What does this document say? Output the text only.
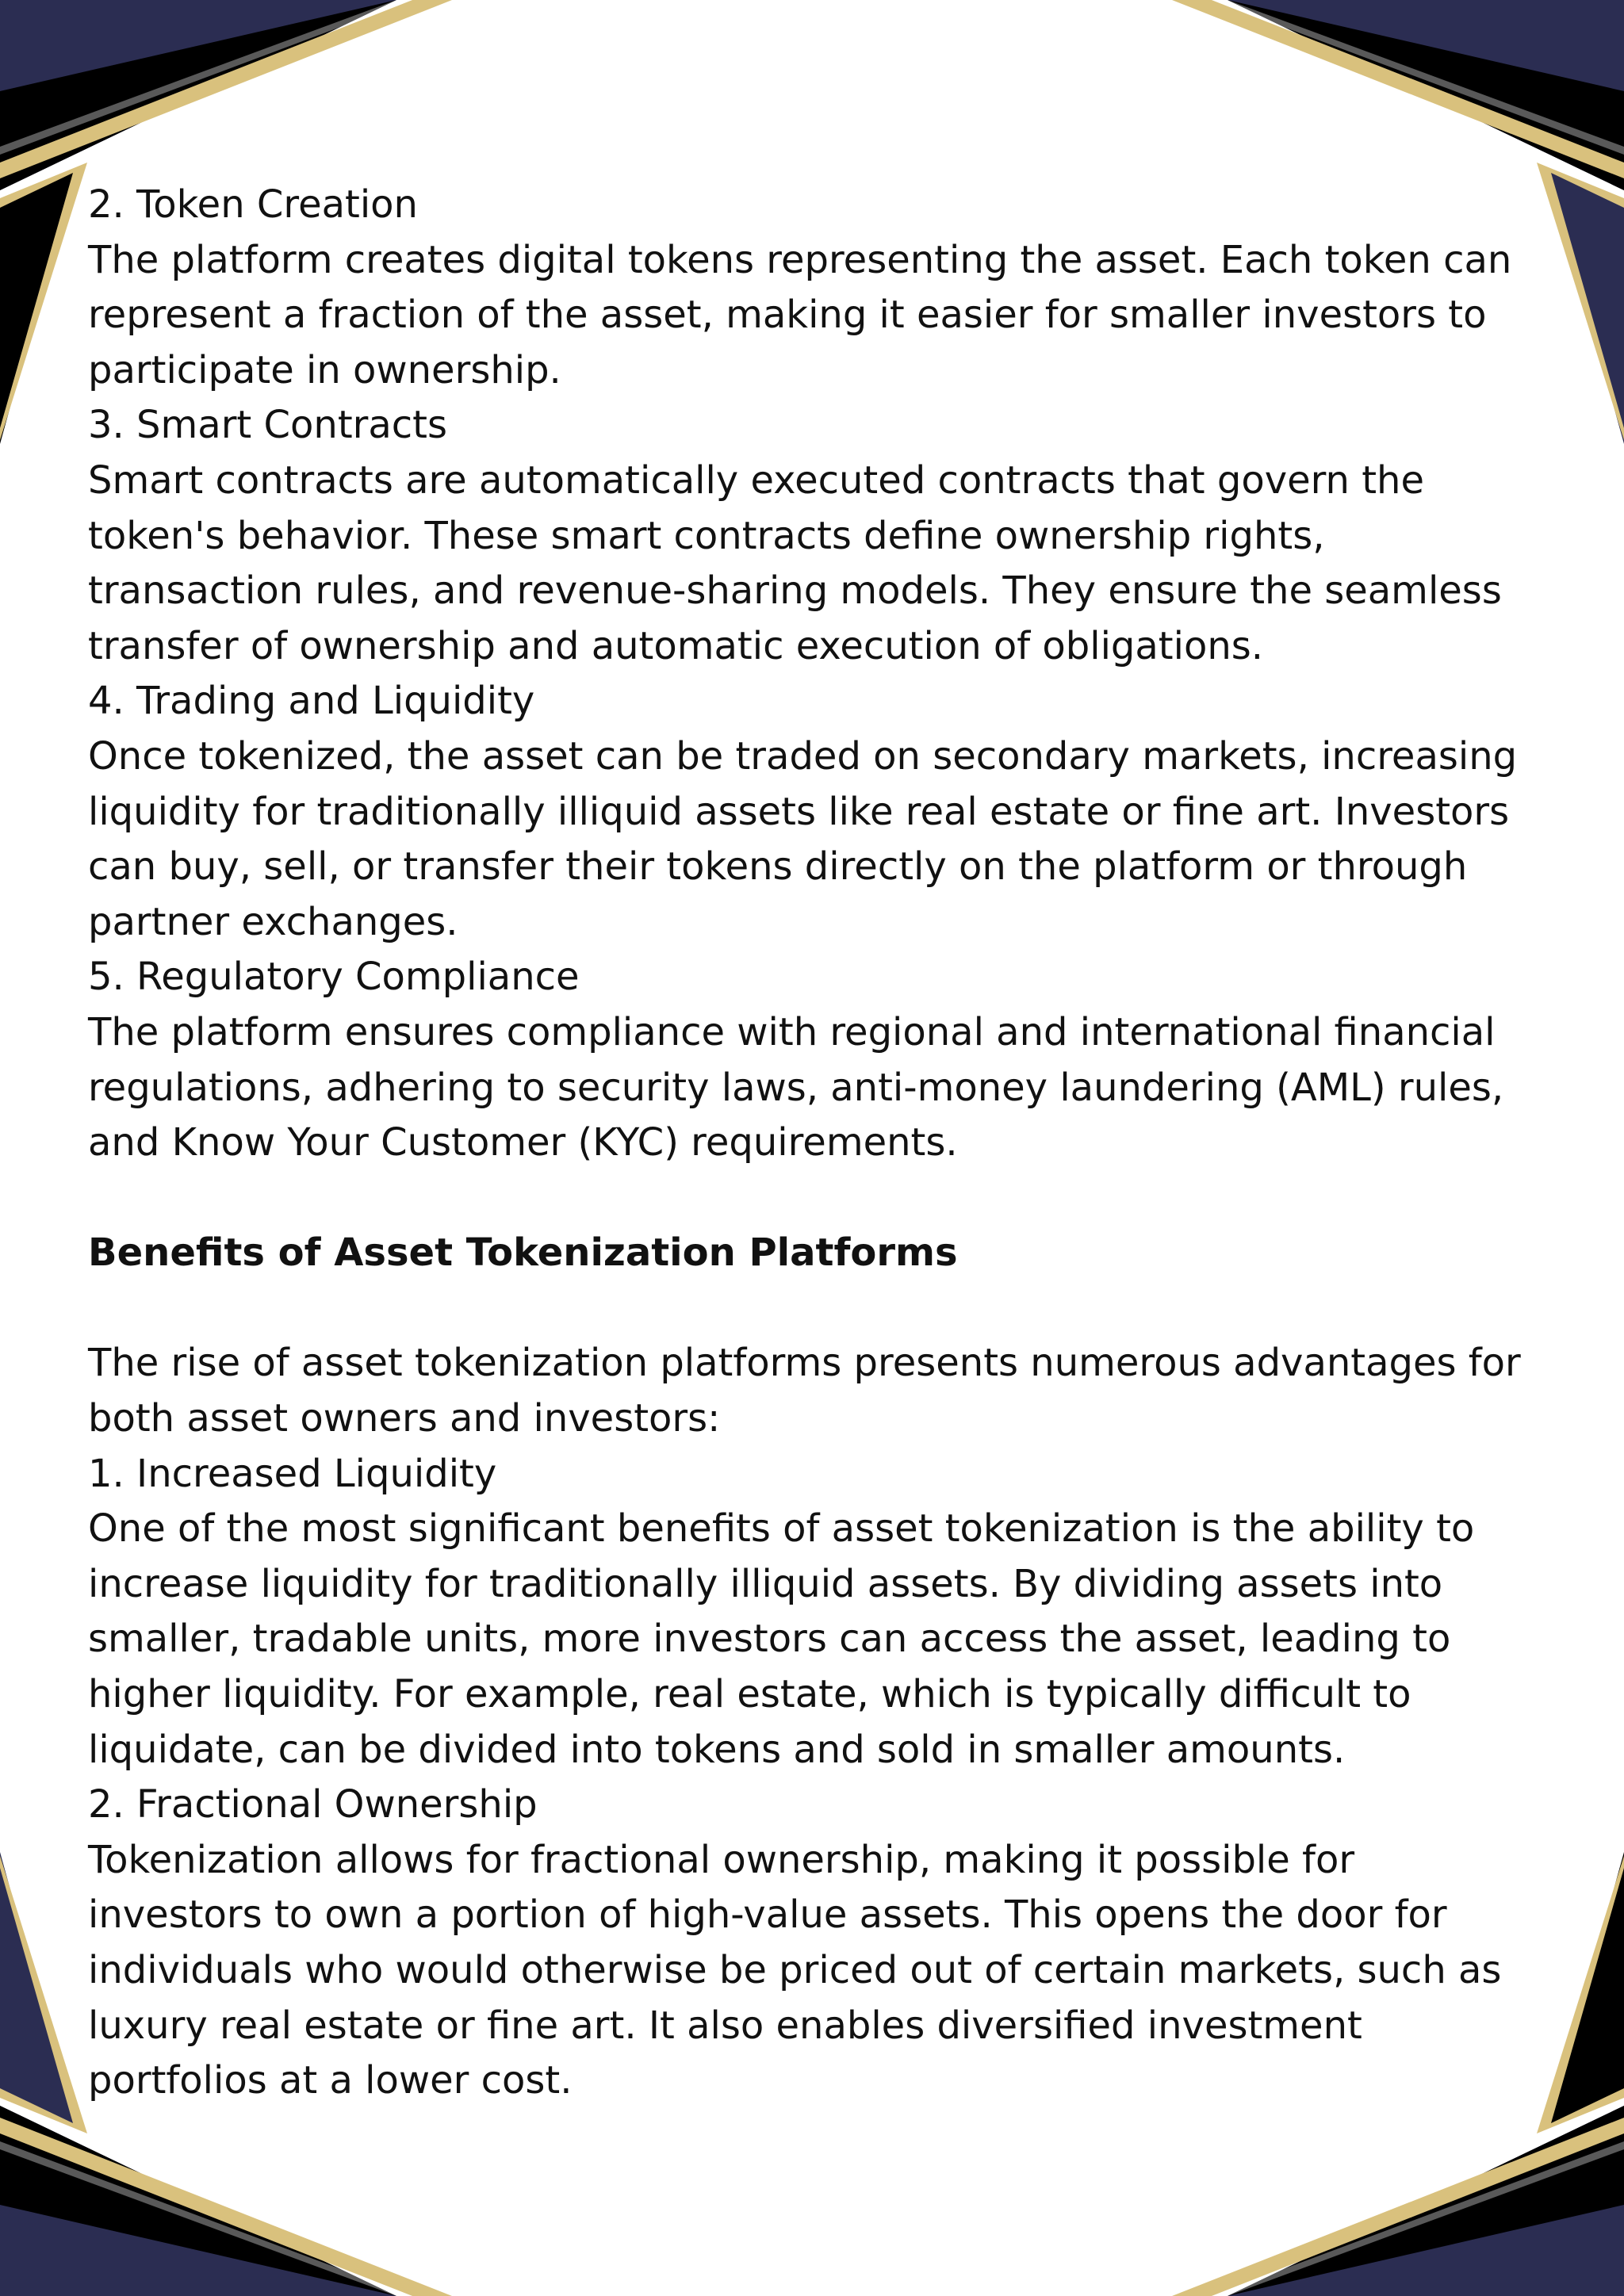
2. Token Creation

The platform creates digital tokens representing the asset. Each token can

represent a fraction of the asset, making it easier for smaller investors to

participate in ownership.

3. Smart Contracts

Smart contracts are automatically executed contracts that govern the

token's behavior. These smart contracts define ownership rights,

transaction rules, and revenue-sharing models. They ensure the seamless

transfer of ownership and automatic execution of obligations.

4. Trading and Liquidity

Once tokenized, the asset can be traded on secondary markets, increasing

liquidity for traditionally illiquid assets like real estate or fine art. Investors

can buy, sell, or transfer their tokens directly on the platform or through

partner exchanges.

5. Regulatory Compliance

The platform ensures compliance with regional and international financial

regulations, adhering to security laws, anti-money laundering (AML) rules,

and Know Your Customer (KYC) requirements.

Benefits of Asset Tokenization Platforms

The rise of asset tokenization platforms presents numerous advantages for

both asset owners and investors:

1. Increased Liquidity

One of the most significant benefits of asset tokenization is the ability to

increase liquidity for traditionally illiquid assets. By dividing assets into

smaller, tradable units, more investors can access the asset, leading to

higher liquidity. For example, real estate, which is typically difficult to

liquidate, can be divided into tokens and sold in smaller amounts.

2. Fractional Ownership

Tokenization allows for fractional ownership, making it possible for

investors to own a portion of high-value assets. This opens the door for

individuals who would otherwise be priced out of certain markets, such as

luxury real estate or fine art. It also enables diversified investment

portfolios at a lower cost.
